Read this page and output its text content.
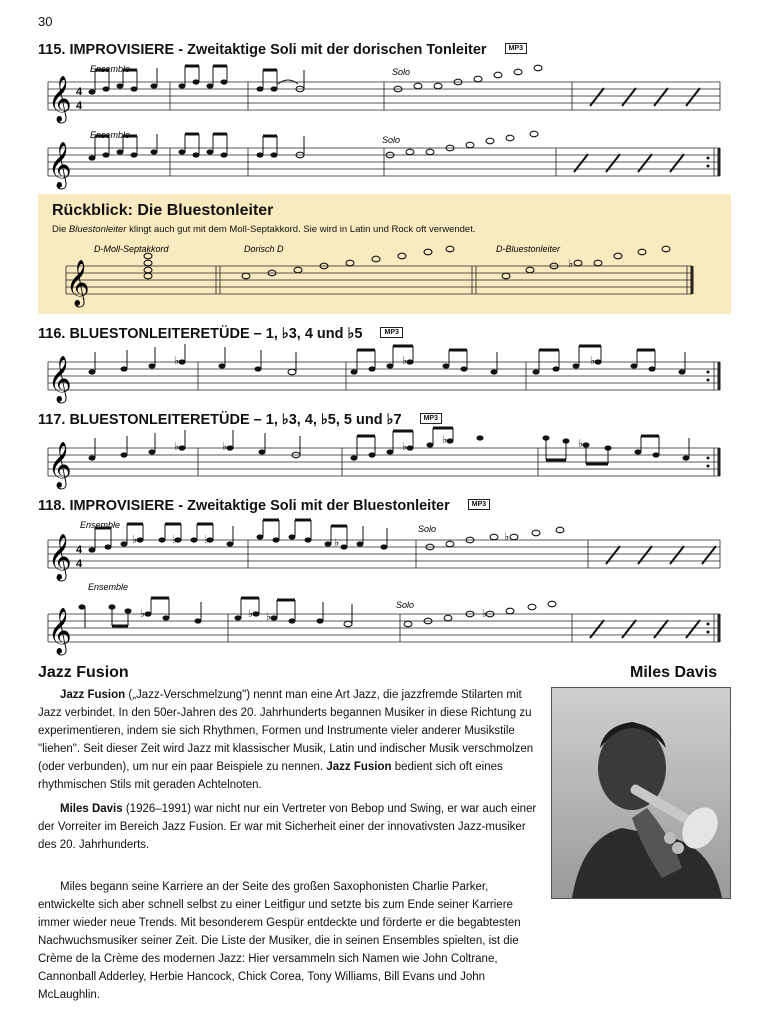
30
115. IMPROVISIERE - Zweitaktige Soli mit der dorischen Tonleiter	MP3
𝄞 4
4
Ensemble	Solo
𝄞
Ensemble	Solo
Rückblick: Die Bluestonleiter
Die Bluestonleiter klingt auch gut mit dem Moll-Septakkord. Sie wird in Latin und Rock oft verwendet.
𝄞
D-Moll-Septakkord	Dorisch D	D-Bluestonleiter
♭
116. BLUESTONLEITERETÜDE – 1, ♭3, 4 und ♭5	MP3
𝄞	♭	♭	♭
117. BLUESTONLEITERETÜDE – 1, ♭3, 4, ♭5, 5 und ♭7	MP3
𝄞	♭	♭	♭
♭	♭
118. IMPROVISIERE - Zweitaktige Soli mit der Bluestonleiter	MP3
𝄞 4
4
Ensemble	Solo
♭	♭ ♭	♭	♭
𝄞
Ensemble
Solo
♭	♭ ♭	♭
Jazz Fusion	Miles Davis

Jazz Fusion („Jazz-Verschmelzung") nennt man eine Art Jazz, die jazzfremde Stilarten mit Jazz verbindet. In den 50er-Jahren des 20. Jahrhunderts begannen Musiker in diese Richtung zu experimentieren, indem sie sich Rhythmen, Formen und Instrumente vieler anderer Musikstile "liehen". Seit dieser Zeit wird Jazz mit klassischer Musik, Latin und indischer Musik verschmolzen (oder verbunden), um nur ein paar Beispiele zu nennen. Jazz Fusion bedient sich oft eines rhythmischen Stils mit geraden Achtelnoten.

Miles Davis (1926–1991) war nicht nur ein Vertreter von Bebop und Swing, er war auch einer der Vorreiter im Bereich Jazz Fusion. Er war mit Sicherheit einer der innovativsten Jazz-musiker des 20. Jahrhunderts.

Miles begann seine Karriere an der Seite des großen Saxophonisten Charlie Parker, entwickelte sich aber schnell selbst zu einer Leitfigur und setzte bis zum Ende seiner Karriere immer wieder neue Trends. Mit besonderem Gespür entdeckte und förderte er die begabtesten Nachwuchsmusiker seiner Zeit. Die Liste der Musiker, die in seinen Ensembles spielten, ist die Crème de la Crème des modernen Jazz: Hier versammeln sich Namen wie John Coltrane, Cannonball Adderley, Herbie Hancock, Chick Corea, Tony Williams, Bill Evans und John McLaughlin.
